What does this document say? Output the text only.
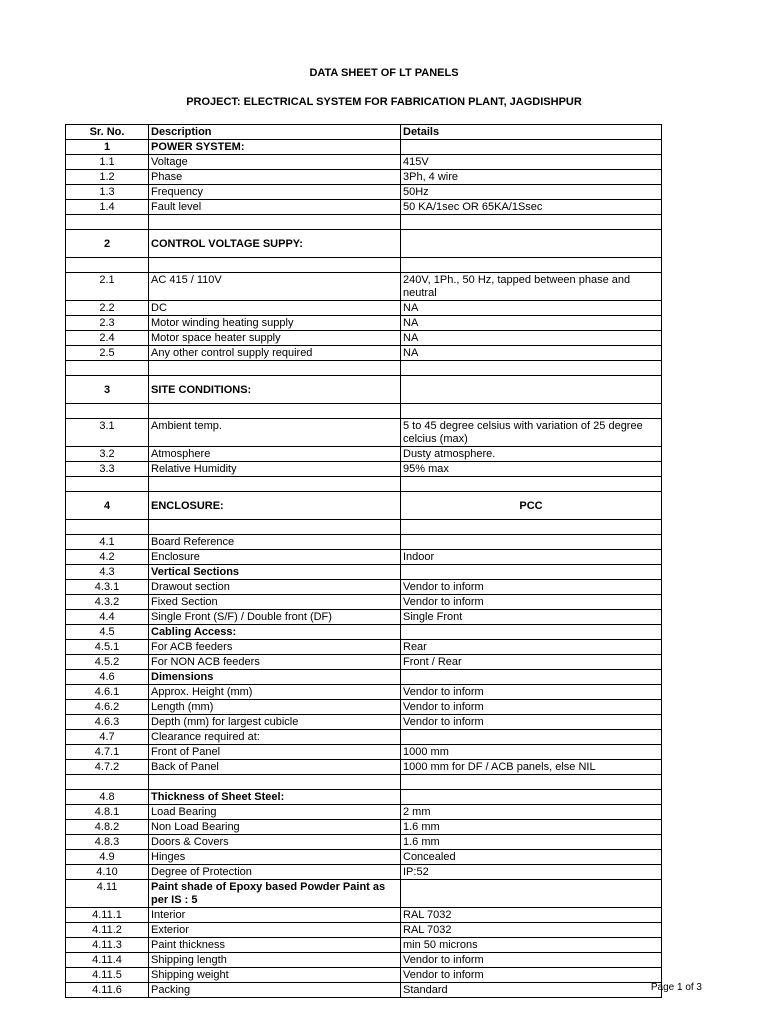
DATA SHEET OF LT PANELS
PROJECT: ELECTRICAL SYSTEM FOR FABRICATION PLANT, JAGDISHPUR
Sr. No.	Description	Details
1	POWER SYSTEM:	
1.1	Voltage	415V
1.2	Phase	3Ph, 4 wire
1.3	Frequency	50Hz
1.4	Fault level	50 KA/1sec OR 65KA/1Ssec

2	CONTROL VOLTAGE SUPPY:	

2.1	AC 415 / 110V	240V, 1Ph., 50 Hz, tapped between phase and neutral
2.2	DC	NA
2.3	Motor winding heating supply	NA
2.4	Motor space heater supply	NA
2.5	Any other control supply required	NA

3	SITE CONDITIONS:	

3.1	Ambient temp.	5 to 45 degree celsius with variation of 25 degree celcius (max)
3.2	Atmosphere	Dusty atmosphere.
3.3	Relative Humidity	95% max

4	ENCLOSURE:	PCC

4.1	Board Reference	
4.2	Enclosure	Indoor
4.3	Vertical Sections	
4.3.1	Drawout section	Vendor to inform
4.3.2	Fixed Section	Vendor to inform
4.4	Single Front (S/F) / Double front (DF)	Single Front
4.5	Cabling Access:	
4.5.1	For ACB feeders	Rear
4.5.2	For NON ACB feeders	Front / Rear
4.6	Dimensions	
4.6.1	Approx. Height (mm)	Vendor to inform
4.6.2	Length (mm)	Vendor to inform
4.6.3	Depth (mm) for largest cubicle	Vendor to inform
4.7	Clearance required at:	
4.7.1	Front of Panel	1000 mm
4.7.2	Back of Panel	1000 mm for DF / ACB panels, else NIL

4.8	Thickness of Sheet Steel:	
4.8.1	Load Bearing	2 mm
4.8.2	Non Load Bearing	1.6 mm
4.8.3	Doors & Covers	1.6 mm
4.9	Hinges	Concealed
4.10	Degree of Protection	IP:52
4.11	Paint shade of Epoxy based Powder Paint as per IS : 5	
4.11.1	Interior	RAL 7032
4.11.2	Exterior	RAL 7032
4.11.3	Paint thickness	min 50 microns
4.11.4	Shipping length	Vendor to inform
4.11.5	Shipping weight	Vendor to inform
4.11.6	Packing	Standard	Page 1 of 3
